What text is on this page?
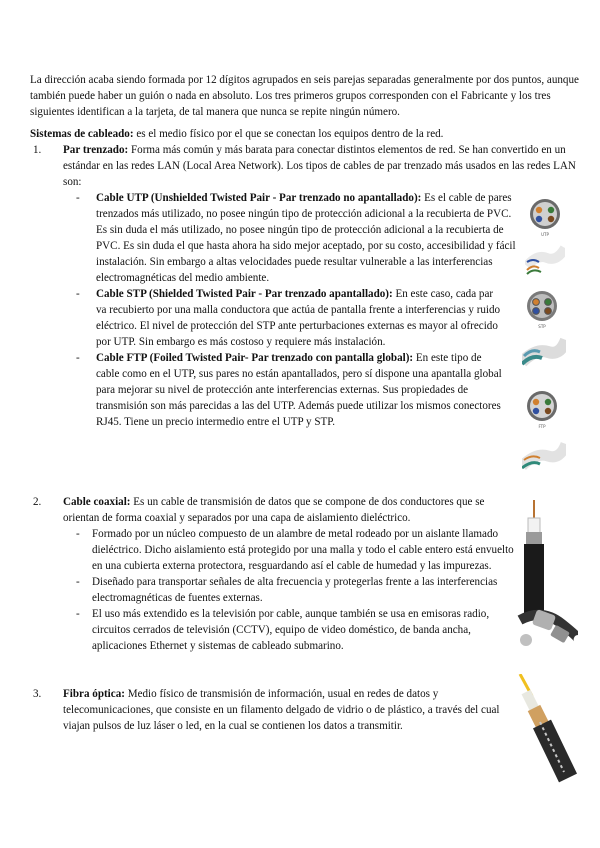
La dirección acaba siendo formada por 12 dígitos agrupados en seis parejas separadas generalmente por dos puntos, aunque también puede haber un guión o nada en absoluto. Los tres primeros grupos corresponden con el Fabricante y los tres siguientes identifican a la tarjeta, de tal manera que nunca se repite ningún número.

Sistemas de cableado: es el medio físico por el que se conectan los equipos dentro de la red.

1. Par trenzado: Forma más común y más barata para conectar distintos elementos de red. Se han convertido en un estándar en las redes LAN (Local Area Network). Los tipos de cables de par trenzado más usados en las redes LAN son:

-	Cable UTP (Unshielded Twisted Pair - Par trenzado no apantallado): Es el cable de pares trenzados más utilizado, no posee ningún tipo de protección adicional a la recubierta de PVC. Es sin duda el más utilizado, no posee ningún tipo de protección adicional a la recubierta de PVC. Es sin duda el que hasta ahora ha sido mejor aceptado, por su costo, accesibilidad y fácil instalación. Sin embargo a altas velocidades puede resultar vulnerable a las interferencias electromagnéticas del medio ambiente.
-	Cable STP (Shielded Twisted Pair - Par trenzado apantallado): En este caso, cada par va recubierto por una malla conductora que actúa de pantalla frente a interferencias y ruido eléctrico. El nivel de protección del STP ante perturbaciones externas es mayor al ofrecido por UTP. Sin embargo es más costoso y requiere más instalación.
-	Cable FTP (Foiled Twisted Pair- Par trenzado con pantalla global): En este tipo de cable como en el UTP, sus pares no están apantallados, pero sí dispone una apantalla global para mejorar su nivel de protección ante interferencias externas. Sus propiedades de transmisión son más parecidas a las del UTP. Además puede utilizar los mismos conectores RJ45. Tiene un precio intermedio entre el UTP y STP.

2. Cable coaxial: Es un cable de transmisión de datos que se compone de dos conductores que se orientan de forma coaxial y separados por una capa de aislamiento dieléctrico.

- Formado por un núcleo compuesto de un alambre de metal rodeado por un aislante llamado dieléctrico. Dicho aislamiento está protegido por una malla y todo el cable entero está envuelto en una cubierta externa protectora, resguardando así el cable de humedad y las impurezas.
- Diseñado para transportar señales de alta frecuencia y protegerlas frente a las interferencias electromagnéticas de fuentes externas.
- El uso más extendido es la televisión por cable, aunque también se usa en emisoras radio, circuitos cerrados de televisión (CCTV), equipo de video doméstico, de banda ancha, aplicaciones Ethernet y sistemas de cableado submarino.

3. Fibra óptica: Medio físico de transmisión de información, usual en redes de datos y telecomunicaciones, que consiste en un filamento delgado de vidrio o de plástico, a través del cual viajan pulsos de luz láser o led, en la cual se contienen los datos a transmitir.

UTP
STP
FTP
